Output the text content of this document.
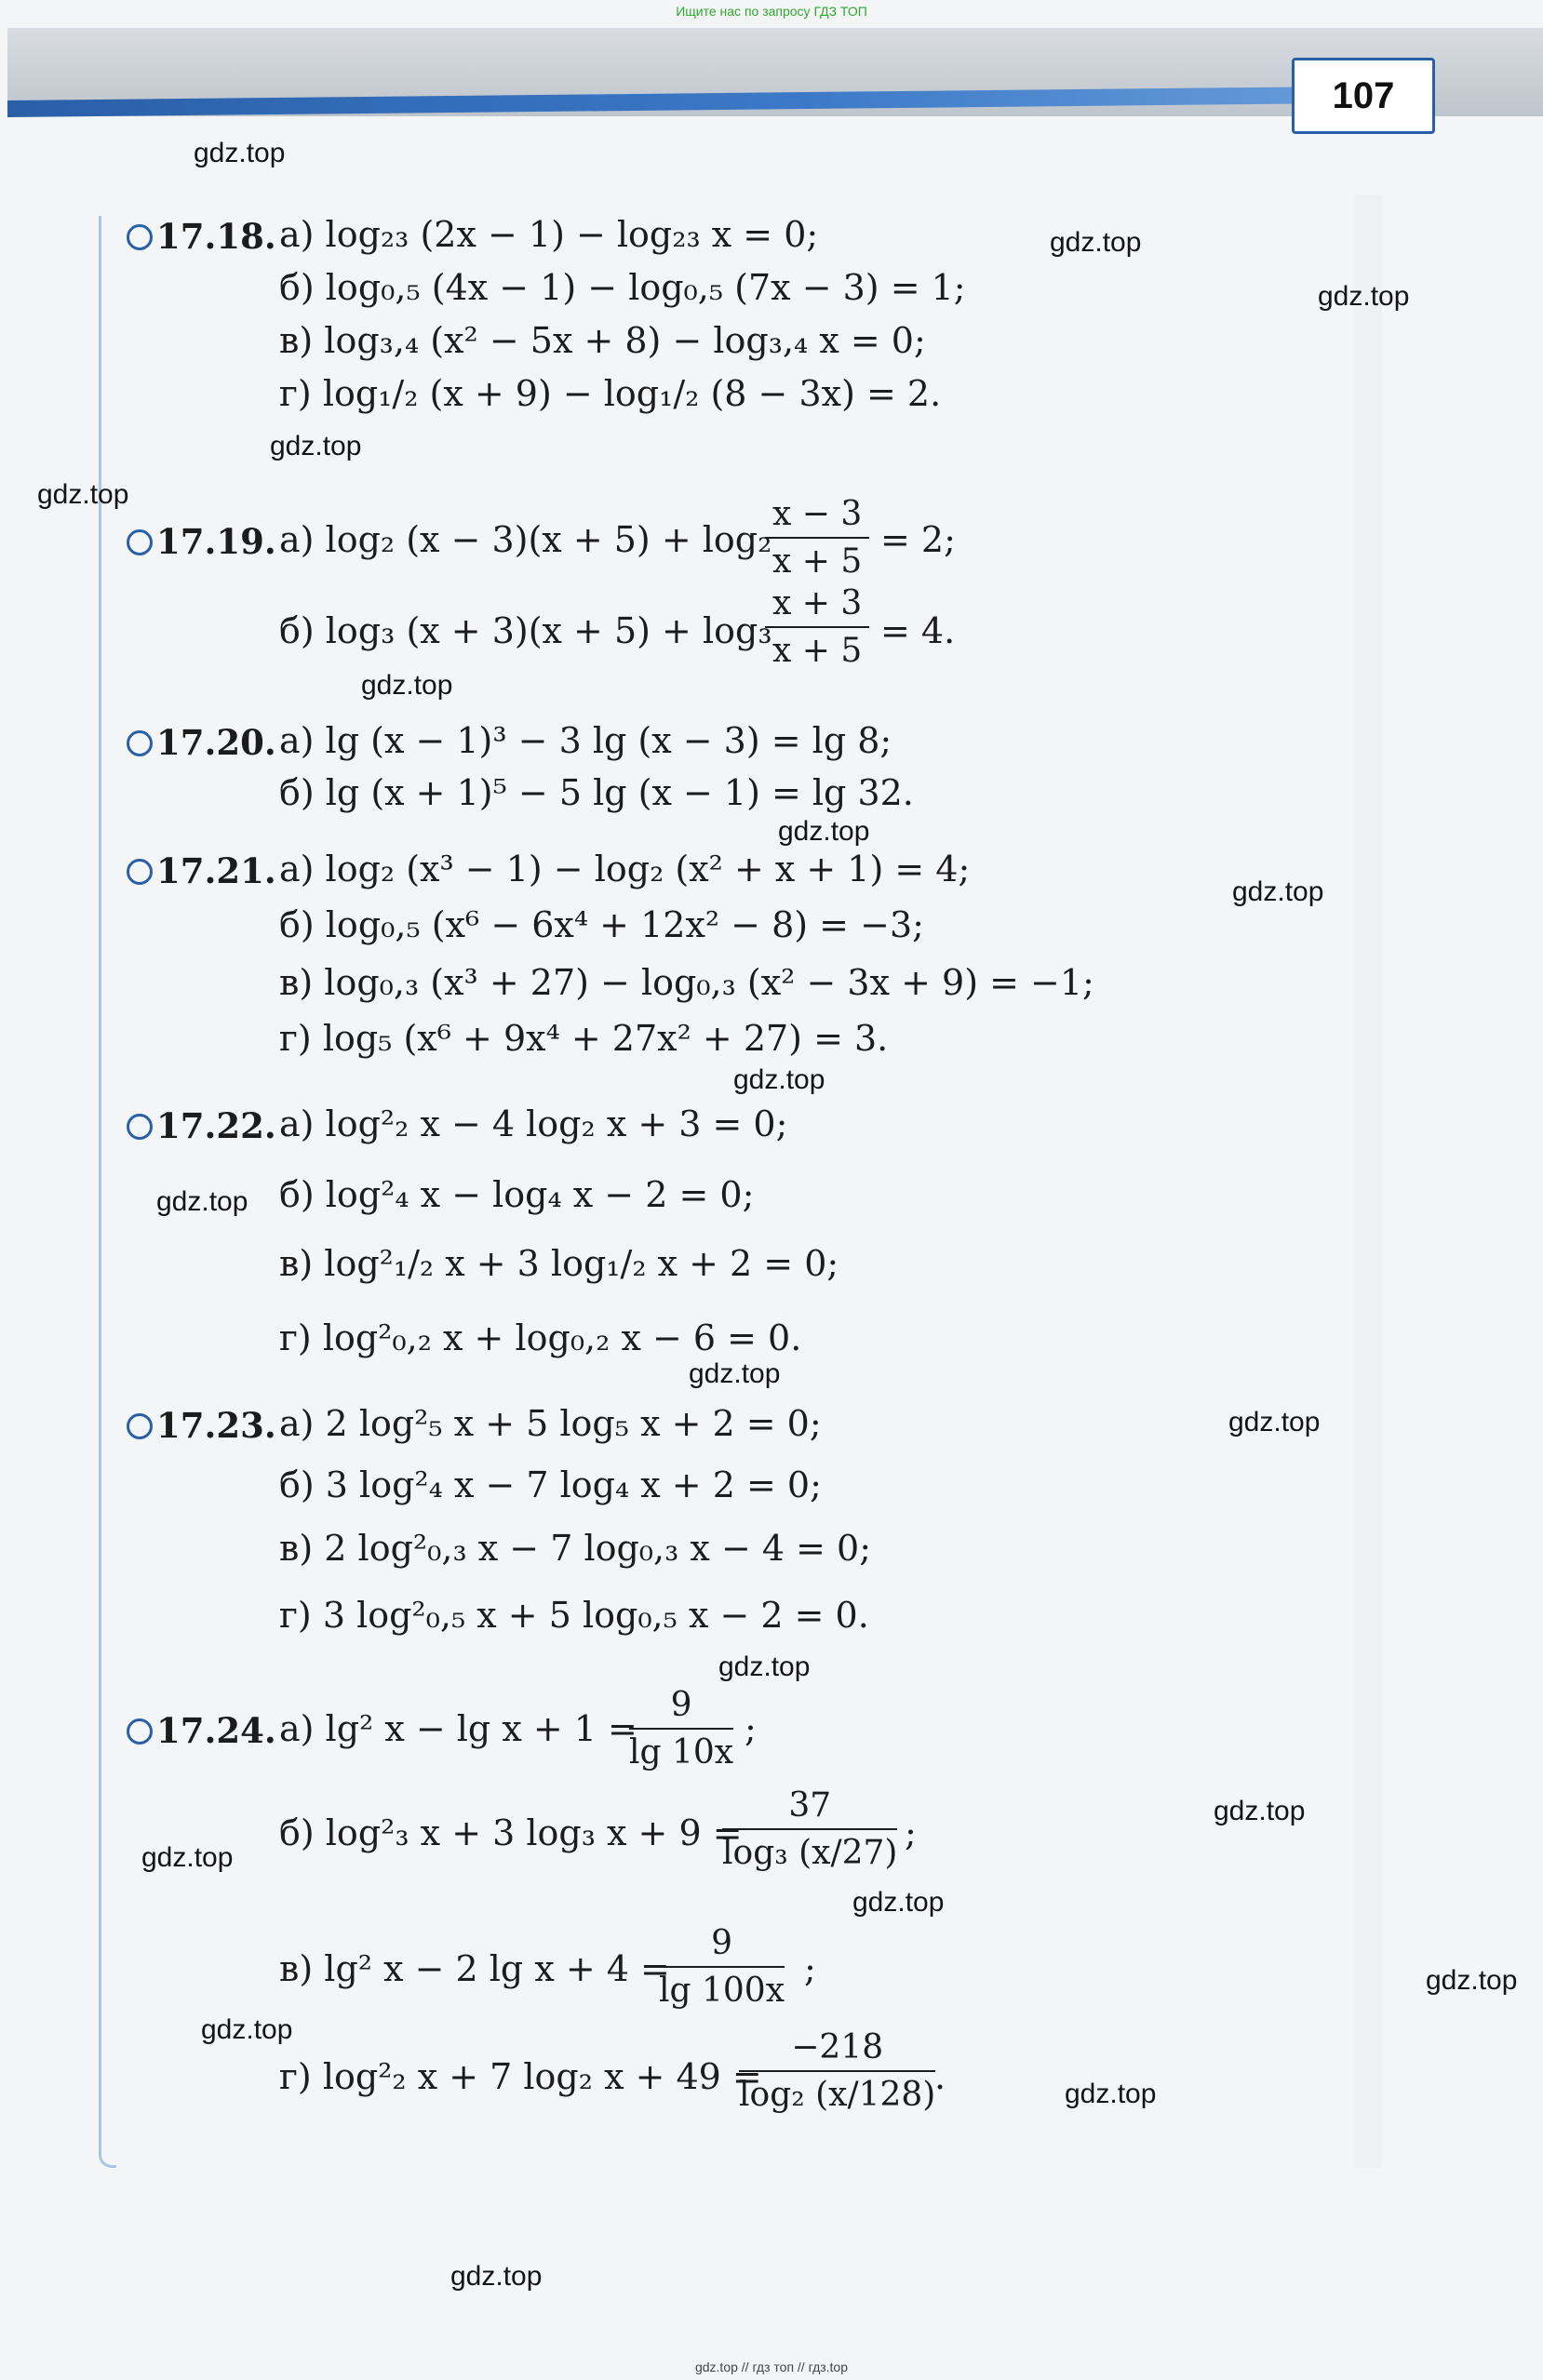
Ищите нас по запросу ГДЗ ТОП
107
gdz.top
gdz.top
gdz.top
gdz.top
gdz.top
gdz.top
gdz.top
gdz.top
gdz.top
gdz.top
gdz.top
gdz.top
gdz.top
gdz.top
gdz.top
gdz.top
gdz.top
gdz.top
gdz.top
gdz.top
17.18. а) log₂₃ (2x − 1) − log₂₃ x = 0;
б) log₀,₅ (4x − 1) − log₀,₅ (7x − 3) = 1;
в) log₃,₄ (x² − 5x + 8) − log₃,₄ x = 0;
г) log₁/₂ (x + 9) − log₁/₂ (8 − 3x) = 2.
17.19. а) log₂ (x − 3)(x + 5) + log₂
$\frac{x - 3}{x + 5} = 2$;
б) log₃ (x + 3)(x + 5) + log₃
$\frac{x + 3}{x + 5} = 4$.
17.20. а) lg (x − 1)³ − 3 lg (x − 3) = lg 8;
б) lg (x + 1)⁵ − 5 lg (x − 1) = lg 32.
17.21. а) log₂ (x³ − 1) − log₂ (x² + x + 1) = 4;
б) log₀,₅ (x⁶ − 6x⁴ + 12x² − 8) = −3;
в) log₀,₃ (x³ + 27) − log₀,₃ (x² − 3x + 9) = −1;
г) log₅ (x⁶ + 9x⁴ + 27x² + 27) = 3.
17.22. а) log²₂ x − 4 log₂ x + 3 = 0;
б) log²₄ x − log₄ x − 2 = 0;
в) log²₁/₂ x + 3 log₁/₂ x + 2 = 0;
г) log²₀,₂ x + log₀,₂ x − 6 = 0.
17.23. а) 2 log²₅ x + 5 log₅ x + 2 = 0;
б) 3 log²₄ x − 7 log₄ x + 2 = 0;
в) 2 log²₀,₃ x − 7 log₀,₃ x − 4 = 0;
г) 3 log²₀,₅ x + 5 log₀,₅ x − 2 = 0.
17.24. а) lg² x − lg x + 1 =
$\frac{9}{\lg 10x}$ ;
б) log²₃ x + 3 log₃ x + 9 =
$\frac{37}{\text{log₃ (x/27)}}$ ;
в) lg² x − 2 lg x + 4 =
$\frac{9}{\lg 100x}$ ;
г) log²₂ x + 7 log₂ x + 49 =
$\frac{-218}{\text{log₂ (x/128)}}$
.
gdz.top // гдз топ // гдз.top
